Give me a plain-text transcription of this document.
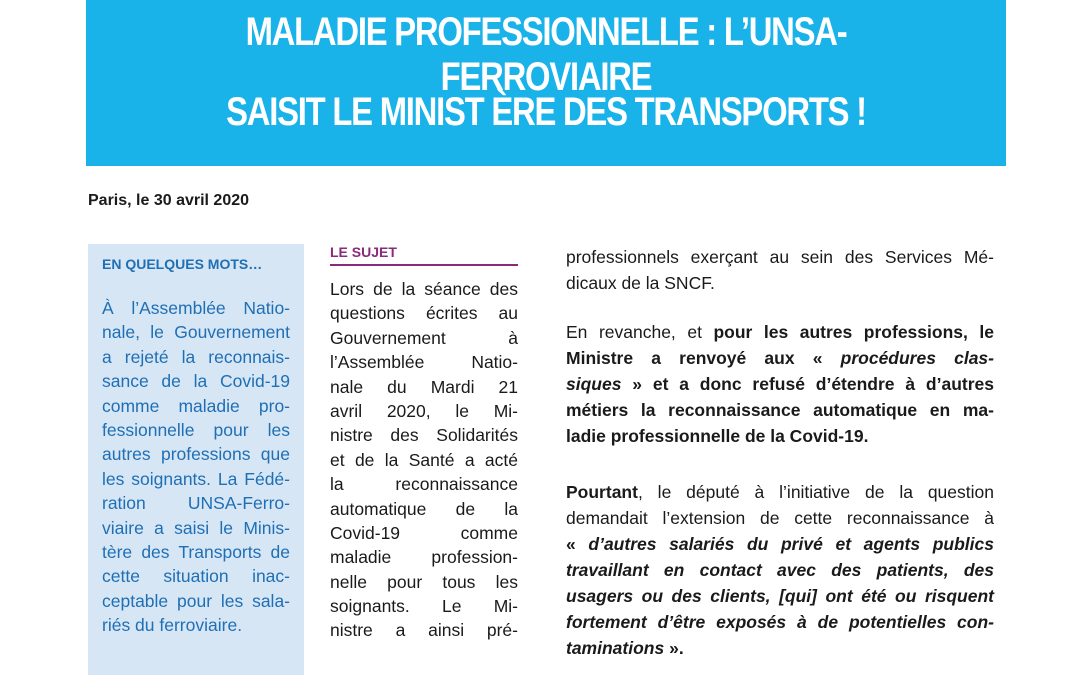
MALADIE PROFESSIONNELLE : L’UNSA-FERROVIAIRE
SAISIT LE MINIST ÈRE DES TRANSPORTS !
Paris, le 30 avril 2020
EN QUELQUES MOTS…
À l’Assemblée Natio-
nale, le Gouvernement
a rejeté la reconnais-
sance de la Covid-19
comme maladie pro-
fessionnelle pour les
autres professions que
les soignants. La Fédé-
ration UNSA-Ferro-
viaire a saisi le Minis-
tère des Transports de
cette situation inac-
ceptable pour les sala-
riés du ferroviaire.
LE SUJET
Lors de la séance des
questions écrites au
Gouvernement à
l’Assemblée Natio-
nale du Mardi 21
avril 2020, le Mi-
nistre des Solidarités
et de la Santé a acté
la reconnaissance
automatique de la
Covid-19 comme
maladie profession-
nelle pour tous les
soignants. Le Mi-
nistre a ainsi pré-
professionnels exerçant au sein des Services Mé-
dicaux de la SNCF.
En revanche, et pour les autres professions, le
Ministre a renvoyé aux « procédures clas-
siques » et a donc refusé d’étendre à d’autres
métiers la reconnaissance automatique en ma-
ladie professionnelle de la Covid-19.
Pourtant, le député à l’initiative de la question
demandait l’extension de cette reconnaissance à
« d’autres salariés du privé et agents publics
travaillant en contact avec des patients, des
usagers ou des clients, [qui] ont été ou risquent
fortement d’être exposés à de potentielles con-
taminations ».
